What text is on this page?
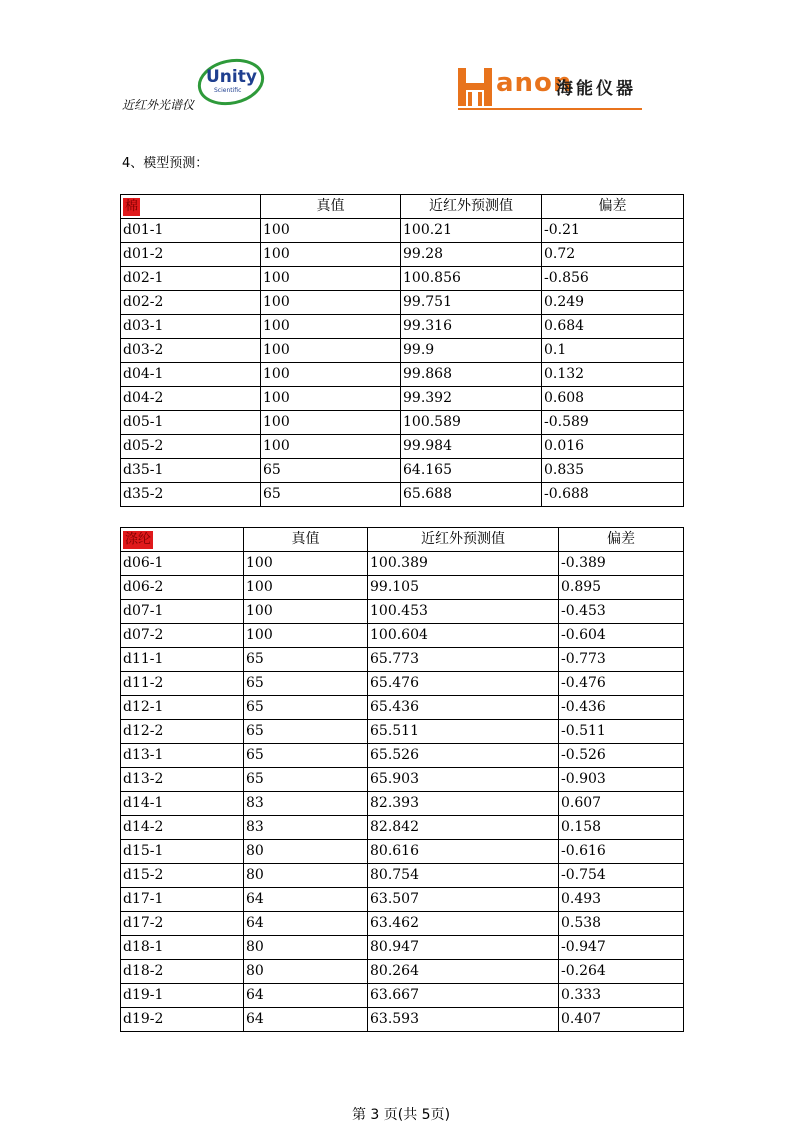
Unity
Scientific
近红外光谱仪
anon
海能仪器
4、模型预测：
棉	真值	近红外预测值	偏差
d01-1	100	100.21	-0.21
d01-2	100	99.28	0.72
d02-1	100	100.856	-0.856
d02-2	100	99.751	0.249
d03-1	100	99.316	0.684
d03-2	100	99.9	0.1
d04-1	100	99.868	0.132
d04-2	100	99.392	0.608
d05-1	100	100.589	-0.589
d05-2	100	99.984	0.016
d35-1	65	64.165	0.835
d35-2	65	65.688	-0.688
涤纶	真值	近红外预测值	偏差
d06-1	100	100.389	-0.389
d06-2	100	99.105	0.895
d07-1	100	100.453	-0.453
d07-2	100	100.604	-0.604
d11-1	65	65.773	-0.773
d11-2	65	65.476	-0.476
d12-1	65	65.436	-0.436
d12-2	65	65.511	-0.511
d13-1	65	65.526	-0.526
d13-2	65	65.903	-0.903
d14-1	83	82.393	0.607
d14-2	83	82.842	0.158
d15-1	80	80.616	-0.616
d15-2	80	80.754	-0.754
d17-1	64	63.507	0.493
d17-2	64	63.462	0.538
d18-1	80	80.947	-0.947
d18-2	80	80.264	-0.264
d19-1	64	63.667	0.333
d19-2	64	63.593	0.407
第 3 页(共 5页)
